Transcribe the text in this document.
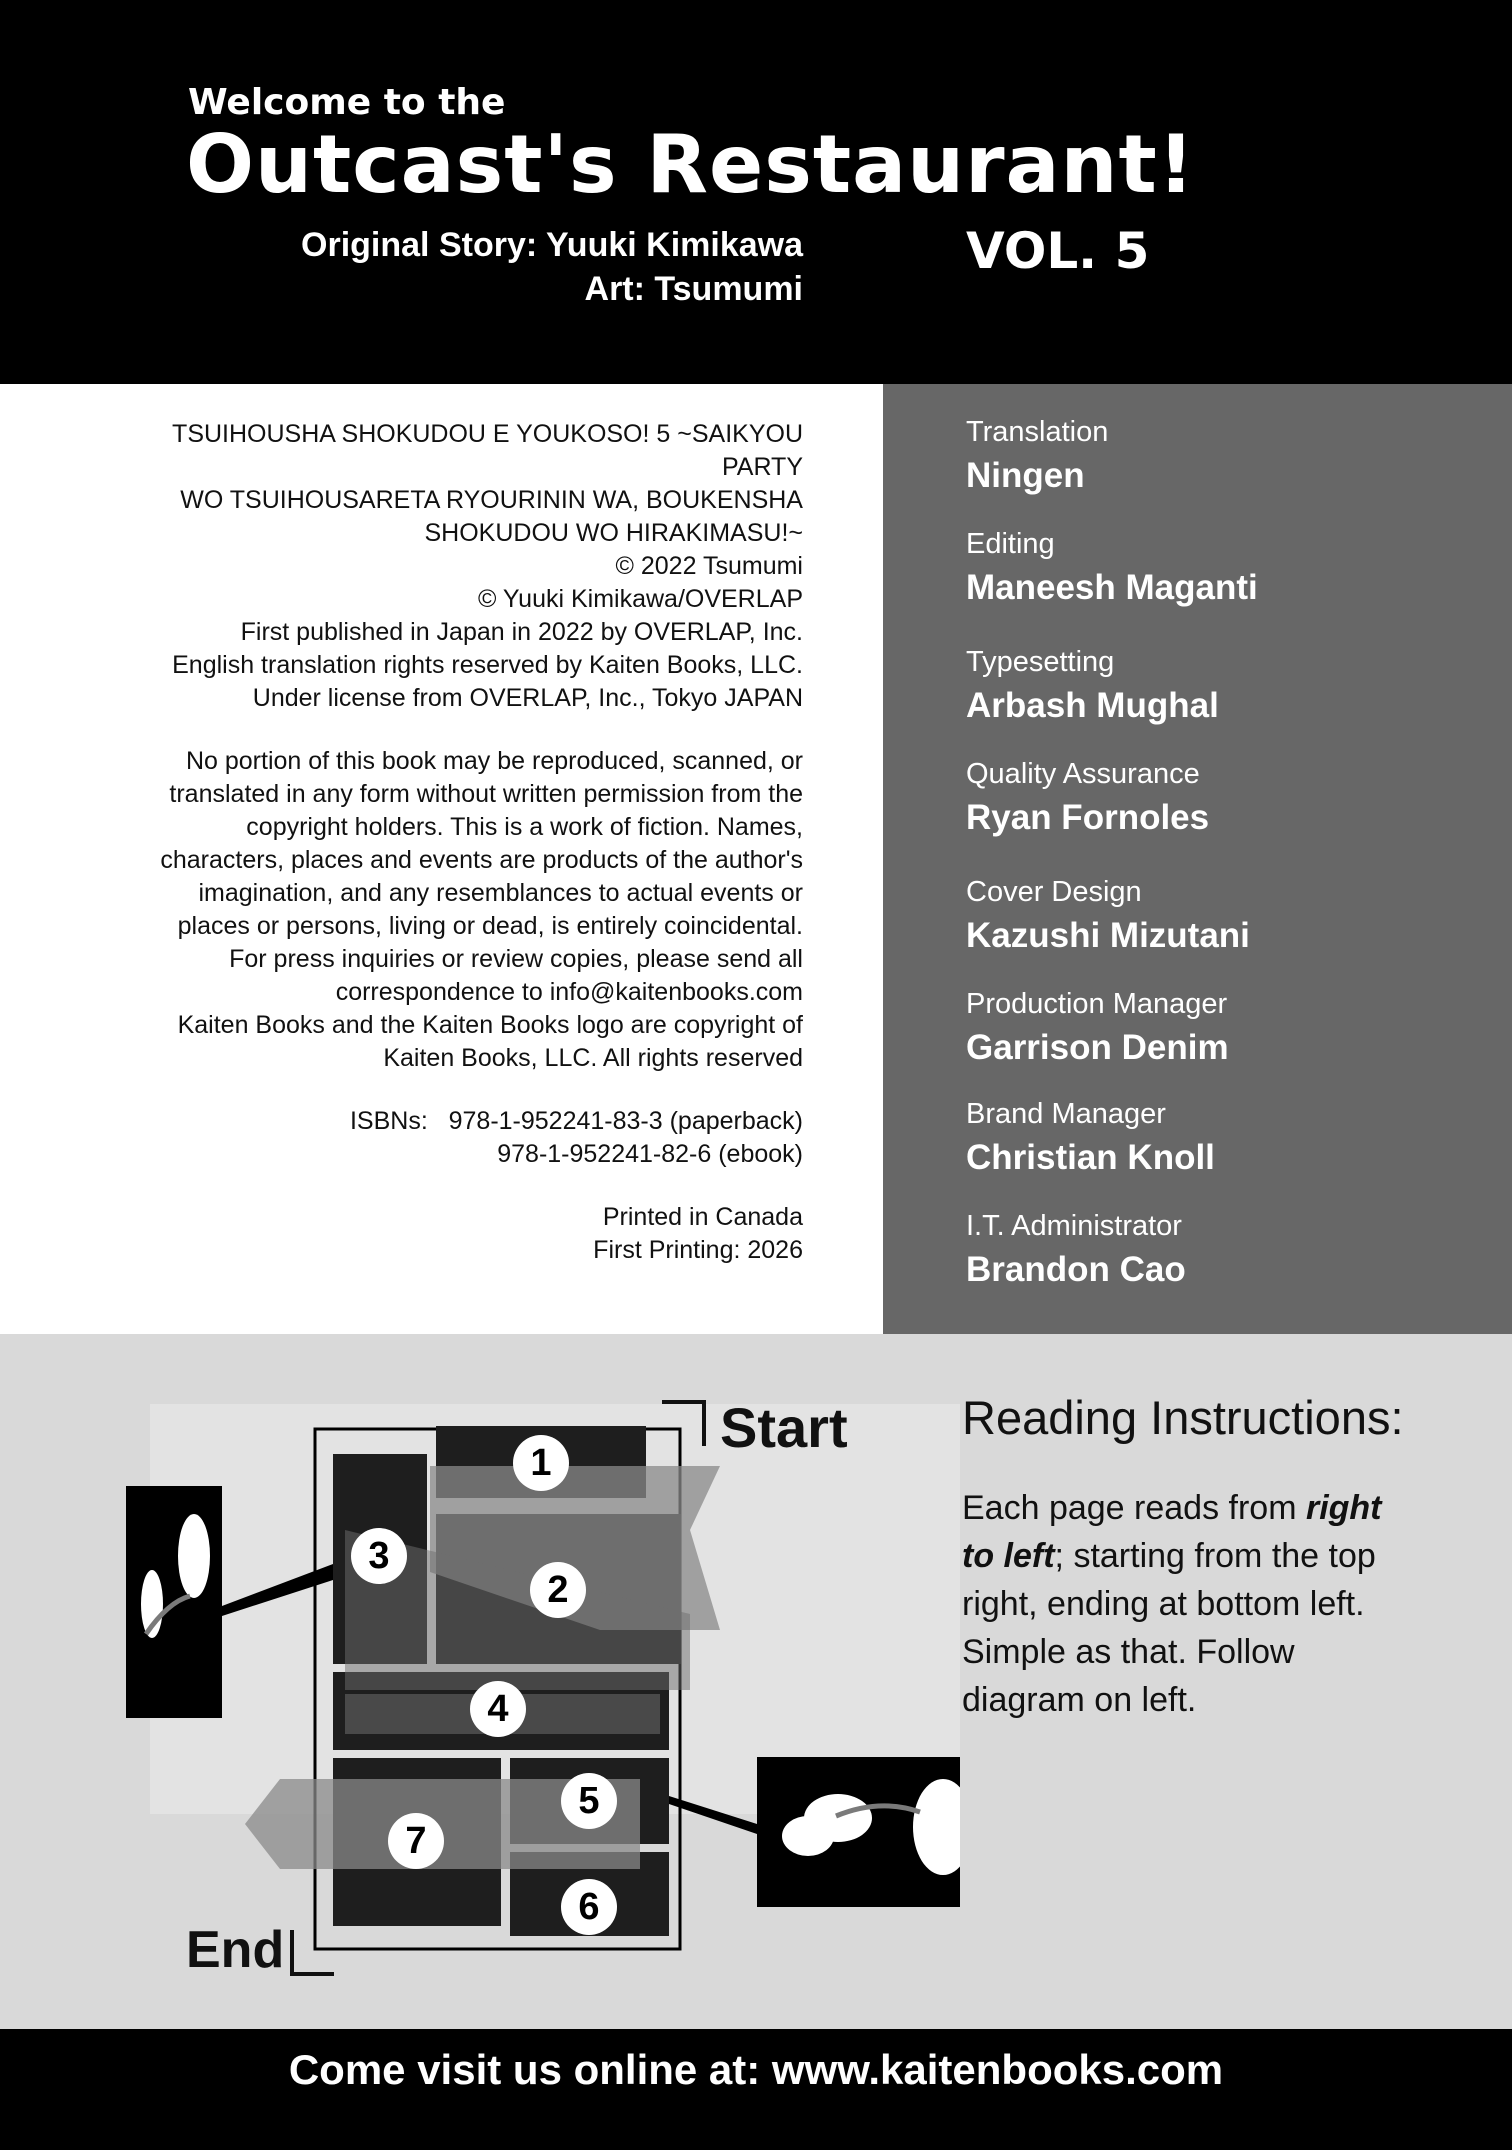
Welcome to the
Outcast's Restaurant!
Original Story: Yuuki Kimikawa
Art: Tsumumi
VOL. 5

TSUIHOUSHA SHOKUDOU E YOUKOSO! 5 ~SAIKYOU PARTY

WO TSUIHOUSARETA RYOURININ WA, BOUKENSHA

SHOKUDOU WO HIRAKIMASU!~

© 2022 Tsumumi

© Yuuki Kimikawa/OVERLAP

First published in Japan in 2022 by OVERLAP, Inc.

English translation rights reserved by Kaiten Books, LLC.

Under license from OVERLAP, Inc., Tokyo JAPAN

No portion of this book may be reproduced, scanned, or

translated in any form without written permission from the

copyright holders. This is a work of fiction. Names,

characters, places and events are products of the author's

imagination, and any resemblances to actual events or

places or persons, living or dead, is entirely coincidental.

For press inquiries or review copies, please send all

correspondence to info@kaitenbooks.com

Kaiten Books and the Kaiten Books logo are copyright of

Kaiten Books, LLC. All rights reserved

ISBNs:   978-1-952241-83-3 (paperback)

978-1-952241-82-6 (ebook)

Printed in Canada

First Printing: 2026

Translation
Ningen
Editing
Maneesh Maganti
Typesetting
Arbash Mughal
Quality Assurance
Ryan Fornoles
Cover Design
Kazushi Mizutani
Production Manager
Garrison Denim
Brand Manager
Christian Knoll
I.T. Administrator
Brandon Cao
1
2
3
4
5
6
7
Start
End
Reading Instructions:
Each page reads from right to left; starting from the top right, ending at bottom left. Simple as that. Follow diagram on left.
Come visit us online at: www.kaitenbooks.com
